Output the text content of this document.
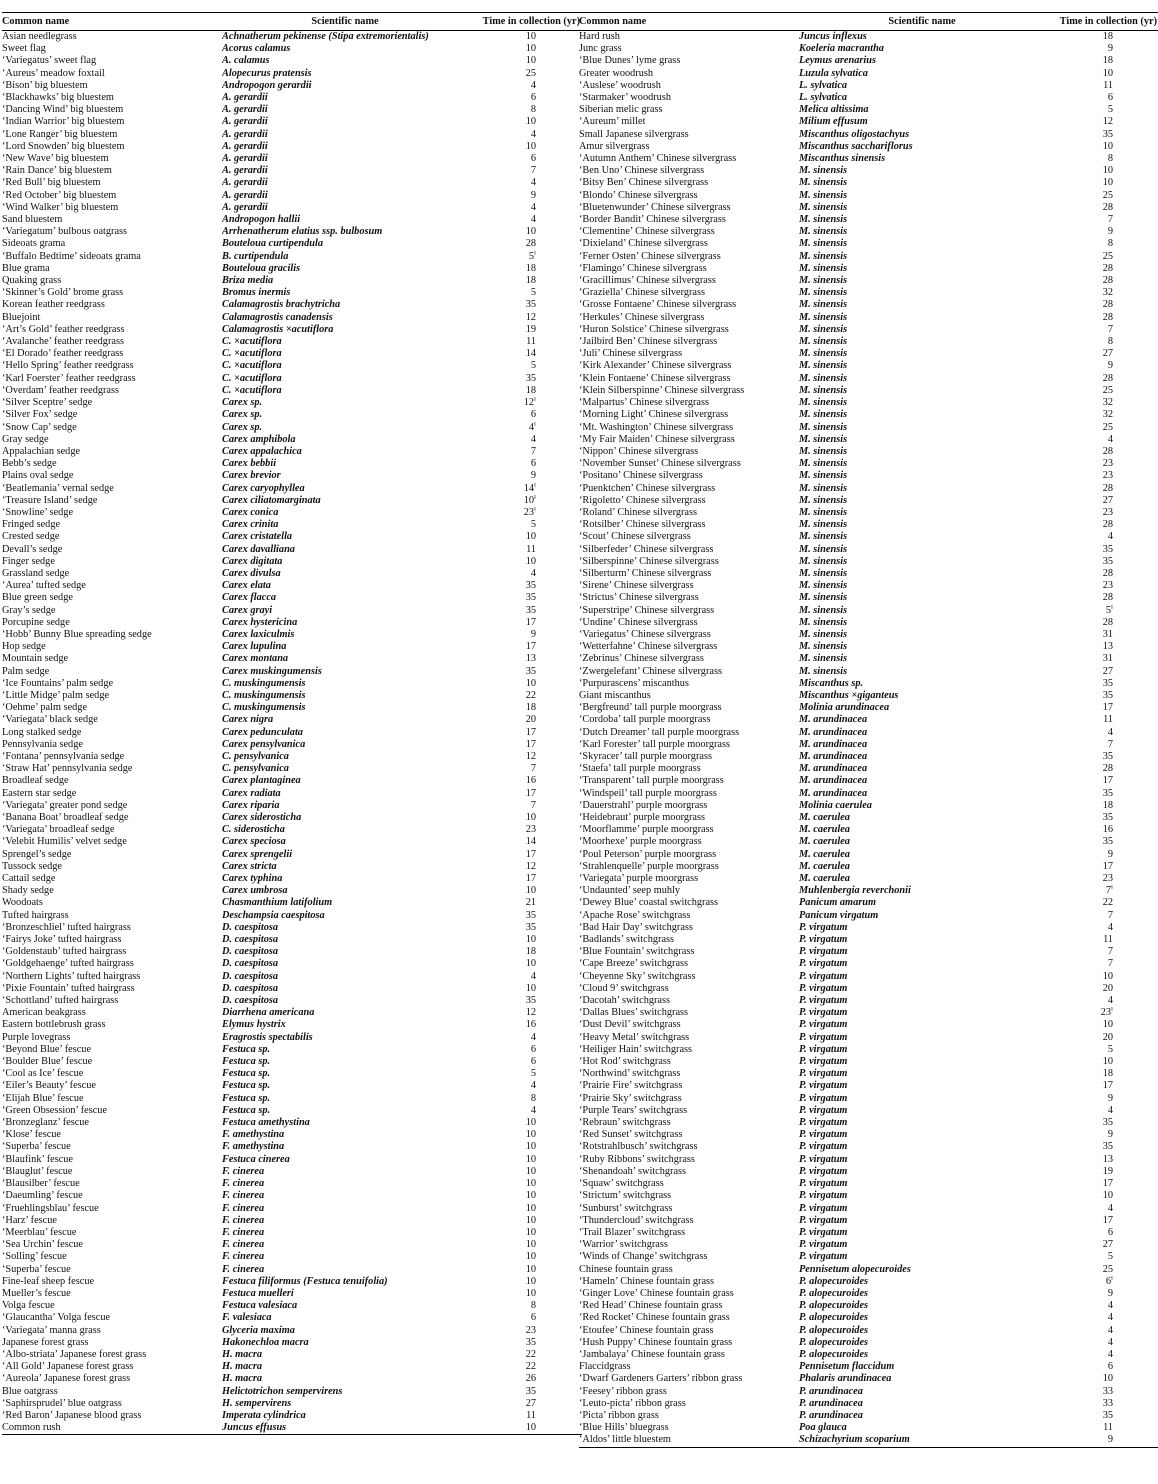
Common name	Scientific name	Time in collection (yr)
Asian needlegrass	Achnatherum pekinense (Stipa extremorientalis)	10
Sweet flag	Acorus calamus	10
‘Variegatus’ sweet flag	A. calamus	10
‘Aureus’ meadow foxtail	Alopecurus pratensis	25
‘Bison’ big bluestem	Andropogon gerardii	4
‘Blackhawks’ big bluestem	A. gerardii	6
‘Dancing Wind’ big bluestem	A. gerardii	8
‘Indian Warrior’ big bluestem	A. gerardii	10
‘Lone Ranger’ big bluestem	A. gerardii	4
‘Lord Snowden’ big bluestem	A. gerardii	10
‘New Wave’ big bluestem	A. gerardii	6
‘Rain Dance’ big bluestem	A. gerardii	7
‘Red Bull’ big bluestem	A. gerardii	4
‘Red October’ big bluestem	A. gerardii	9
‘Wind Walker’ big bluestem	A. gerardii	4
Sand bluestem	Andropogon hallii	4
‘Variegatum’ bulbous oatgrass	Arrhenatherum elatius ssp. bulbosum	10
Sideoats grama	Bouteloua curtipendula	28
‘Buffalo Bedtime’ sideoats grama	B. curtipendula	5$^i$
Blue grama	Bouteloua gracilis	18
Quaking grass	Briza media	18
‘Skinner’s Gold’ brome grass	Bromus inermis	5
Korean feather reedgrass	Calamagrostis brachytricha	35
Bluejoint	Calamagrostis canadensis	12
‘Art’s Gold’ feather reedgrass	Calamagrostis ×acutiflora	19
‘Avalanche’ feather reedgrass	C. ×acutiflora	11
‘El Dorado’ feather reedgrass	C. ×acutiflora	14
‘Hello Spring’ feather reedgrass	C. ×acutiflora	5
‘Karl Foerster’ feather reedgrass	C. ×acutiflora	35
‘Overdam’ feather reedgrass	C. ×acutiflora	18
‘Silver Sceptre’ sedge	Carex sp.	12$^i$
‘Silver Fox’ sedge	Carex sp.	6
‘Snow Cap’ sedge	Carex sp.	4$^i$
Gray sedge	Carex amphibola	4
Appalachian sedge	Carex appalachica	7
Bebb’s sedge	Carex bebbii	6
Plains oval sedge	Carex brevior	9
‘Beatlemania’ vernal sedge	Carex caryophyllea	14$^i$
‘Treasure Island’ sedge	Carex ciliatomarginata	10$^i$
‘Snowline’ sedge	Carex conica	23$^i$
Fringed sedge	Carex crinita	5
Crested sedge	Carex cristatella	10
Devall’s sedge	Carex davalliana	11
Finger sedge	Carex digitata	10
Grassland sedge	Carex divulsa	4
‘Aurea’ tufted sedge	Carex elata	35
Blue green sedge	Carex flacca	35
Gray’s sedge	Carex grayi	35
Porcupine sedge	Carex hystericina	17
‘Hobb’ Bunny Blue spreading sedge	Carex laxiculmis	9
Hop sedge	Carex lupulina	17
Mountain sedge	Carex montana	13
Palm sedge	Carex muskingumensis	35
‘Ice Fountains’ palm sedge	C. muskingumensis	10
‘Little Midge’ palm sedge	C. muskingumensis	22
‘Oehme’ palm sedge	C. muskingumensis	18
‘Variegata’ black sedge	Carex nigra	20
Long stalked sedge	Carex pedunculata	17
Pennsylvania sedge	Carex pensylvanica	17
‘Fontana’ pennsylvania sedge	C. pensylvanica	12
‘Straw Hat’ pennsylvania sedge	C. pensylvanica	7
Broadleaf sedge	Carex plantaginea	16
Eastern star sedge	Carex radiata	17
‘Variegata’ greater pond sedge	Carex riparia	7
‘Banana Boat’ broadleaf sedge	Carex siderosticha	10
‘Variegata’ broadleaf sedge	C. siderosticha	23
‘Velebit Humilis’ velvet sedge	Carex speciosa	14
Sprengel’s sedge	Carex sprengelii	17
Tussock sedge	Carex stricta	12
Cattail sedge	Carex typhina	17
Shady sedge	Carex umbrosa	10
Woodoats	Chasmanthium latifolium	21
Tufted hairgrass	Deschampsia caespitosa	35
‘Bronzeschliel’ tufted hairgrass	D. caespitosa	35
‘Fairys Joke’ tufted hairgrass	D. caespitosa	10
‘Goldenstaub’ tufted hairgrass	D. caespitosa	18
‘Goldgehaenge’ tufted hairgrass	D. caespitosa	10
‘Northern Lights’ tufted hairgrass	D. caespitosa	4
‘Pixie Fountain’ tufted hairgrass	D. caespitosa	10
‘Schottland’ tufted hairgrass	D. caespitosa	35
American beakgrass	Diarrhena americana	12
Eastern bottlebrush grass	Elymus hystrix	16
Purple lovegrass	Eragrostis spectabilis	4
‘Beyond Blue’ fescue	Festuca sp.	6
‘Boulder Blue’ fescue	Festuca sp.	6
‘Cool as Ice’ fescue	Festuca sp.	5
‘Eiler’s Beauty’ fescue	Festuca sp.	4
‘Elijah Blue’ fescue	Festuca sp.	8
‘Green Obsession’ fescue	Festuca sp.	4
‘Bronzeglanz’ fescue	Festuca amethystina	10
‘Klose’ fescue	F. amethystina	10
‘Superba’ fescue	F. amethystina	10
‘Blaufink’ fescue	Festuca cinerea	10
‘Blauglut’ fescue	F. cinerea	10
‘Blausilber’ fescue	F. cinerea	10
‘Daeumling’ fescue	F. cinerea	10
‘Fruehlingsblau’ fescue	F. cinerea	10
‘Harz’ fescue	F. cinerea	10
‘Meerblau’ fescue	F. cinerea	10
‘Sea Urchin’ fescue	F. cinerea	10
‘Solling’ fescue	F. cinerea	10
‘Superba’ fescue	F. cinerea	10
Fine-leaf sheep fescue	Festuca filiformus (Festuca tenuifolia)	10
Mueller’s fescue	Festuca muelleri	10
Volga fescue	Festuca valesiaca	8
‘Glaucantha’ Volga fescue	F. valesiaca	6
‘Variegata’ manna grass	Glyceria maxima	23
Japanese forest grass	Hakonechloa macra	35
‘Albo-striata’ Japanese forest grass	H. macra	22
‘All Gold’ Japanese forest grass	H. macra	22
‘Aureola’ Japanese forest grass	H. macra	26
Blue oatgrass	Helictotrichon sempervirens	35
‘Saphirsprudel’ blue oatgrass	H. sempervirens	27
‘Red Baron’ Japanese blood grass	Imperata cylindrica	11
Common rush	Juncus effusus	10
Common name	Scientific name	Time in collection (yr)
Hard rush	Juncus inflexus	18
Junc grass	Koeleria macrantha	9
‘Blue Dunes’ lyme grass	Leymus arenarius	18
Greater woodrush	Luzula sylvatica	10
‘Auslese’ woodrush	L. sylvatica	11
‘Starmaker’ woodrush	L. sylvatica	6
Siberian melic grass	Melica altissima	5
‘Aureum’ millet	Milium effusum	12
Small Japanese silvergrass	Miscanthus oligostachyus	35
Amur silvergrass	Miscanthus sacchariflorus	10
‘Autumn Anthem’ Chinese silvergrass	Miscanthus sinensis	8
‘Ben Uno’ Chinese silvergrass	M. sinensis	10
‘Bitsy Ben’ Chinese silvergrass	M. sinensis	10
‘Blondo’ Chinese silvergrass	M. sinensis	25
‘Bluetenwunder’ Chinese silvergrass	M. sinensis	28
‘Border Bandit’ Chinese silvergrass	M. sinensis	7
‘Clementine’ Chinese silvergrass	M. sinensis	9
‘Dixieland’ Chinese silvergrass	M. sinensis	8
‘Ferner Osten’ Chinese silvergrass	M. sinensis	25
‘Flamingo’ Chinese silvergrass	M. sinensis	28
‘Gracillimus’ Chinese silvergrass	M. sinensis	28
‘Graziella’ Chinese silvergrass	M. sinensis	32
‘Grosse Fontaene’ Chinese silvergrass	M. sinensis	28
‘Herkules’ Chinese silvergrass	M. sinensis	28
‘Huron Solstice’ Chinese silvergrass	M. sinensis	7
‘Jailbird Ben’ Chinese silvergrass	M. sinensis	8
‘Juli’ Chinese silvergrass	M. sinensis	27
‘Kirk Alexander’ Chinese silvergrass	M. sinensis	9
‘Klein Fontaene’ Chinese silvergrass	M. sinensis	28
‘Klein Silberspinne’ Chinese silvergrass	M. sinensis	25
‘Malpartus’ Chinese silvergrass	M. sinensis	32
‘Morning Light’ Chinese silvergrass	M. sinensis	32
‘Mt. Washington’ Chinese silvergrass	M. sinensis	25
‘My Fair Maiden’ Chinese silvergrass	M. sinensis	4
‘Nippon’ Chinese silvergrass	M. sinensis	28
‘November Sunset’ Chinese silvergrass	M. sinensis	23
‘Positano’ Chinese silvergrass	M. sinensis	23
‘Puenktchen’ Chinese silvergrass	M. sinensis	28
‘Rigoletto’ Chinese silvergrass	M. sinensis	27
‘Roland’ Chinese silvergrass	M. sinensis	23
‘Rotsilber’ Chinese silvergrass	M. sinensis	28
‘Scout’ Chinese silvergrass	M. sinensis	4
‘Silberfeder’ Chinese silvergrass	M. sinensis	35
‘Silberspinne’ Chinese silvergrass	M. sinensis	35
‘Silberturm’ Chinese silvergrass	M. sinensis	28
‘Sirene’ Chinese silvergrass	M. sinensis	23
‘Strictus’ Chinese silvergrass	M. sinensis	28
‘Superstripe’ Chinese silvergrass	M. sinensis	5$^i$
‘Undine’ Chinese silvergrass	M. sinensis	28
‘Variegatus’ Chinese silvergrass	M. sinensis	31
‘Wetterfahne’ Chinese silvergrass	M. sinensis	13
‘Zebrinus’ Chinese silvergrass	M. sinensis	31
‘Zwergelefant’ Chinese silvergrass	M. sinensis	27
‘Purpurascens’ miscanthus	Miscanthus sp.	35
Giant miscanthus	Miscanthus ×giganteus	35
‘Bergfreund’ tall purple moorgrass	Molinia arundinacea	17
‘Cordoba’ tall purple moorgrass	M. arundinacea	11
‘Dutch Dreamer’ tall purple moorgrass	M. arundinacea	4
‘Karl Forester’ tall purple moorgrass	M. arundinacea	7
‘Skyracer’ tall purple moorgrass	M. arundinacea	35
‘Staefa’ tall purple moorgrass	M. arundinacea	28
‘Transparent’ tall purple moorgrass	M. arundinacea	17
‘Windspeil’ tall purple moorgrass	M. arundinacea	35
‘Dauerstrahl’ purple moorgrass	Molinia caerulea	18
‘Heidebraut’ purple moorgrass	M. caerulea	35
‘Moorflamme’ purple moorgrass	M. caerulea	16
‘Moorhexe’ purple moorgrass	M. caerulea	35
‘Poul Peterson’ purple moorgrass	M. caerulea	9
‘Strahlenquelle’ purple moorgrass	M. caerulea	17
‘Variegata’ purple moorgrass	M. caerulea	23
‘Undaunted’ seep muhly	Muhlenbergia reverchonii	7$^i$
‘Dewey Blue’ coastal switchgrass	Panicum amarum	22
‘Apache Rose’ switchgrass	Panicum virgatum	7
‘Bad Hair Day’ switchgrass	P. virgatum	4
‘Badlands’ switchgrass	P. virgatum	11
‘Blue Fountain’ switchgrass	P. virgatum	7
‘Cape Breeze’ switchgrass	P. virgatum	7
‘Cheyenne Sky’ switchgrass	P. virgatum	10
‘Cloud 9’ switchgrass	P. virgatum	20
‘Dacotah’ switchgrass	P. virgatum	4
‘Dallas Blues’ switchgrass	P. virgatum	23$^i$
‘Dust Devil’ switchgrass	P. virgatum	10
‘Heavy Metal’ switchgrass	P. virgatum	20
‘Heiliger Hain’ switchgrass	P. virgatum	5
‘Hot Rod’ switchgrass	P. virgatum	10
‘Northwind’ switchgrass	P. virgatum	18
‘Prairie Fire’ switchgrass	P. virgatum	17
‘Prairie Sky’ switchgrass	P. virgatum	9
‘Purple Tears’ switchgrass	P. virgatum	4
‘Rebraun’ switchgrass	P. virgatum	35
‘Red Sunset’ switchgrass	P. virgatum	9
‘Rotstrahlbusch’ switchgrass	P. virgatum	35
‘Ruby Ribbons’ switchgrass	P. virgatum	13
‘Shenandoah’ switchgrass	P. virgatum	19
‘Squaw’ switchgrass	P. virgatum	17
‘Strictum’ switchgrass	P. virgatum	10
‘Sunburst’ switchgrass	P. virgatum	4
‘Thundercloud’ switchgrass	P. virgatum	17
‘Trail Blazer’ switchgrass	P. virgatum	6
‘Warrior’ switchgrass	P. virgatum	27
‘Winds of Change’ switchgrass	P. virgatum	5
Chinese fountain grass	Pennisetum alopecuroides	25
‘Hameln’ Chinese fountain grass	P. alopecuroides	6$^i$
‘Ginger Love’ Chinese fountain grass	P. alopecuroides	9
‘Red Head’ Chinese fountain grass	P. alopecuroides	4
‘Red Rocket’ Chinese fountain grass	P. alopecuroides	4
‘Etoufee’ Chinese fountain grass	P. alopecuroides	4
‘Hush Puppy’ Chinese fountain grass	P. alopecuroides	4
‘Jambalaya’ Chinese fountain grass	P. alopecuroides	4
Flaccidgrass	Pennisetum flaccidum	6
‘Dwarf Gardeners Garters’ ribbon grass	Phalaris arundinacea	10
‘Feesey’ ribbon grass	P. arundinacea	33
‘Leuto-picta’ ribbon grass	P. arundinacea	33
‘Picta’ ribbon grass	P. arundinacea	35
‘Blue Hills’ bluegrass	Poa glauca	11
‘Aldos’ little bluestem	Schizachyrium scoparium	9
